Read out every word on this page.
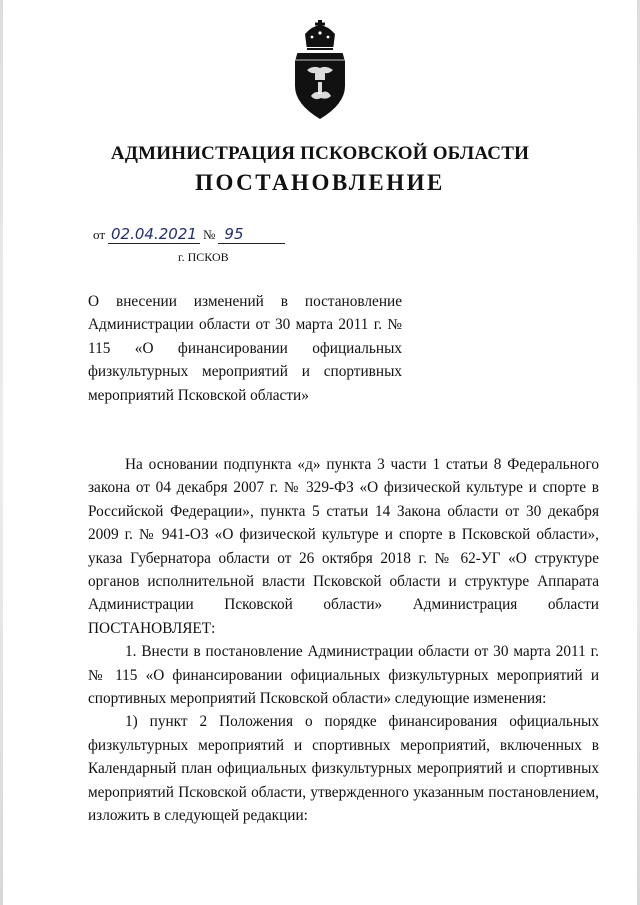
АДМИНИСТРАЦИЯ ПСКОВСКОЙ ОБЛАСТИ
ПОСТАНОВЛЕНИЕ
от 02.04.2021 № 95
г. ПСКОВ

О внесении изменений в постановление Администрации области от 30 марта 2011 г. № 115 «О финансировании официальных физкультурных мероприятий и спортивных мероприятий Псковской области»

На основании подпункта «д» пункта 3 части 1 статьи 8 Федерального закона от 04 декабря 2007 г. № 329-ФЗ «О физической культуре и спорте в Российской Федерации», пункта 5 статьи 14 Закона области от 30 декабря 2009 г. № 941-ОЗ «О физической культуре и спорте в Псковской области», указа Губернатора области от 26 октября 2018 г. № 62-УГ «О структуре органов исполнительной власти Псковской области и структуре Аппарата Администрации Псковской области» Администрация области ПОСТАНОВЛЯЕТ:

1. Внести в постановление Администрации области от 30 марта 2011 г. № 115 «О финансировании официальных физкультурных мероприятий и спортивных мероприятий Псковской области» следующие изменения:

1) пункт 2 Положения о порядке финансирования официальных физкультурных мероприятий и спортивных мероприятий, включенных в Календарный план официальных физкультурных мероприятий и спортивных мероприятий Псковской области, утвержденного указанным постановлением, изложить в следующей редакции:
